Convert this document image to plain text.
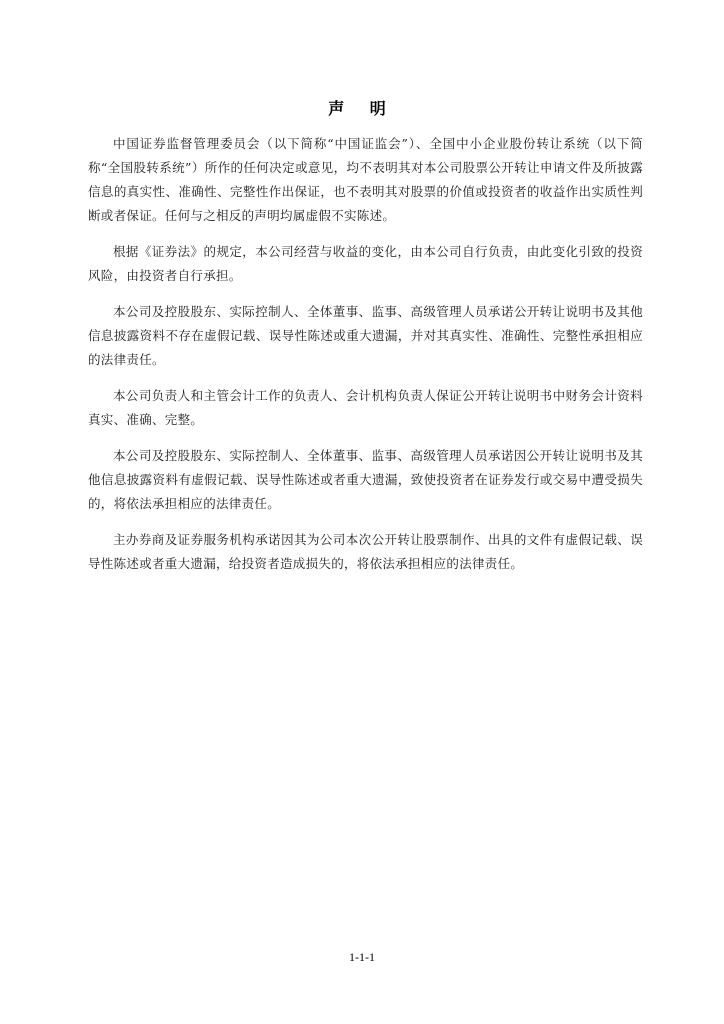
声 明

中国证券监督管理委员会（以下简称“中国证监会”）、全国中小企业股份转让系统（以下简称“全国股转系统”）所作的任何决定或意见，均不表明其对本公司股票公开转让申请文件及所披露信息的真实性、准确性、完整性作出保证，也不表明其对股票的价值或投资者的收益作出实质性判断或者保证。任何与之相反的声明均属虚假不实陈述。

根据《证券法》的规定，本公司经营与收益的变化，由本公司自行负责，由此变化引致的投资风险，由投资者自行承担。

本公司及控股股东、实际控制人、全体董事、监事、高级管理人员承诺公开转让说明书及其他信息披露资料不存在虚假记载、误导性陈述或重大遗漏，并对其真实性、准确性、完整性承担相应的法律责任。

本公司负责人和主管会计工作的负责人、会计机构负责人保证公开转让说明书中财务会计资料真实、准确、完整。

本公司及控股股东、实际控制人、全体董事、监事、高级管理人员承诺因公开转让说明书及其他信息披露资料有虚假记载、误导性陈述或者重大遗漏，致使投资者在证券发行或交易中遭受损失的，将依法承担相应的法律责任。

主办券商及证券服务机构承诺因其为公司本次公开转让股票制作、出具的文件有虚假记载、误导性陈述或者重大遗漏，给投资者造成损失的，将依法承担相应的法律责任。

1-1-1
